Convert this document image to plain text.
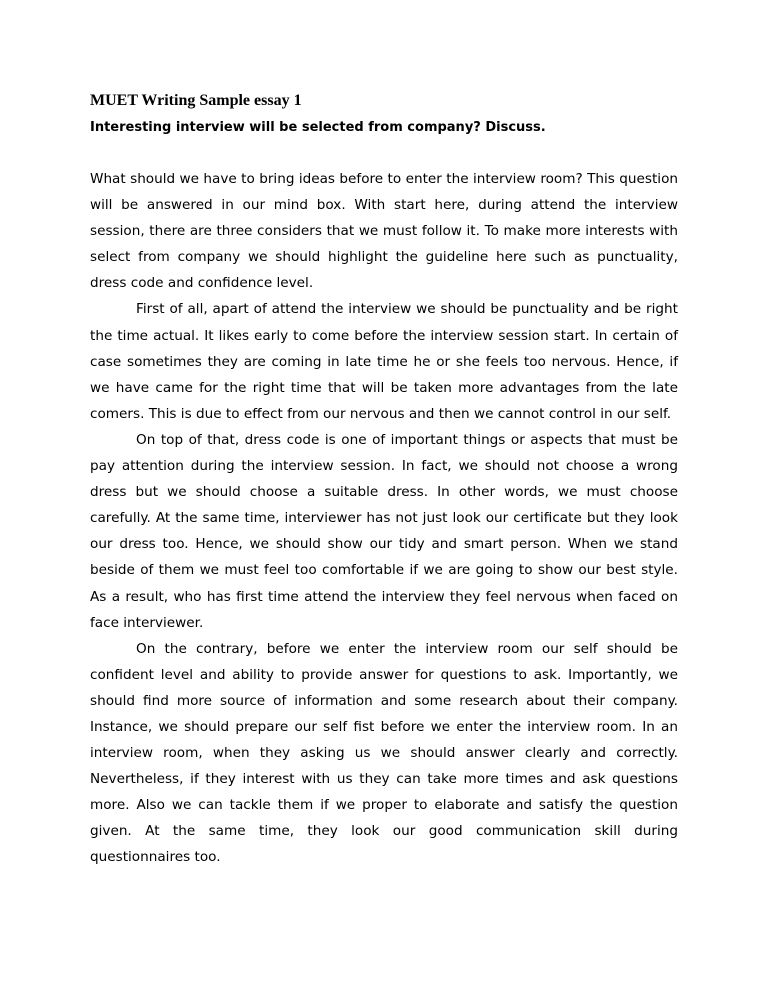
MUET Writing Sample essay 1
Interesting interview will be selected from company? Discuss.

What should we have to bring ideas before to enter the interview room? This question will be answered in our mind box. With start here, during attend the interview session, there are three considers that we must follow it. To make more interests with select from company we should highlight the guideline here such as punctuality, dress code and confidence level.

First of all, apart of attend the interview we should be punctuality and be right the time actual. It likes early to come before the interview session start. In certain of case sometimes they are coming in late time he or she feels too nervous. Hence, if we have came for the right time that will be taken more advantages from the late comers. This is due to effect from our nervous and then we cannot control in our self.

On top of that, dress code is one of important things or aspects that must be pay attention during the interview session. In fact, we should not choose a wrong dress but we should choose a suitable dress. In other words, we must choose carefully. At the same time, interviewer has not just look our certificate but they look our dress too. Hence, we should show our tidy and smart person. When we stand beside of them we must feel too comfortable if we are going to show our best style. As a result, who has first time attend the interview they feel nervous when faced on face interviewer.

On the contrary, before we enter the interview room our self should be confident level and ability to provide answer for questions to ask. Importantly, we should find more source of information and some research about their company. Instance, we should prepare our self fist before we enter the interview room. In an interview room, when they asking us we should answer clearly and correctly. Nevertheless, if they interest with us they can take more times and ask questions more. Also we can tackle them if we proper to elaborate and satisfy the question given. At the same time, they look our good communication skill during questionnaires too.
